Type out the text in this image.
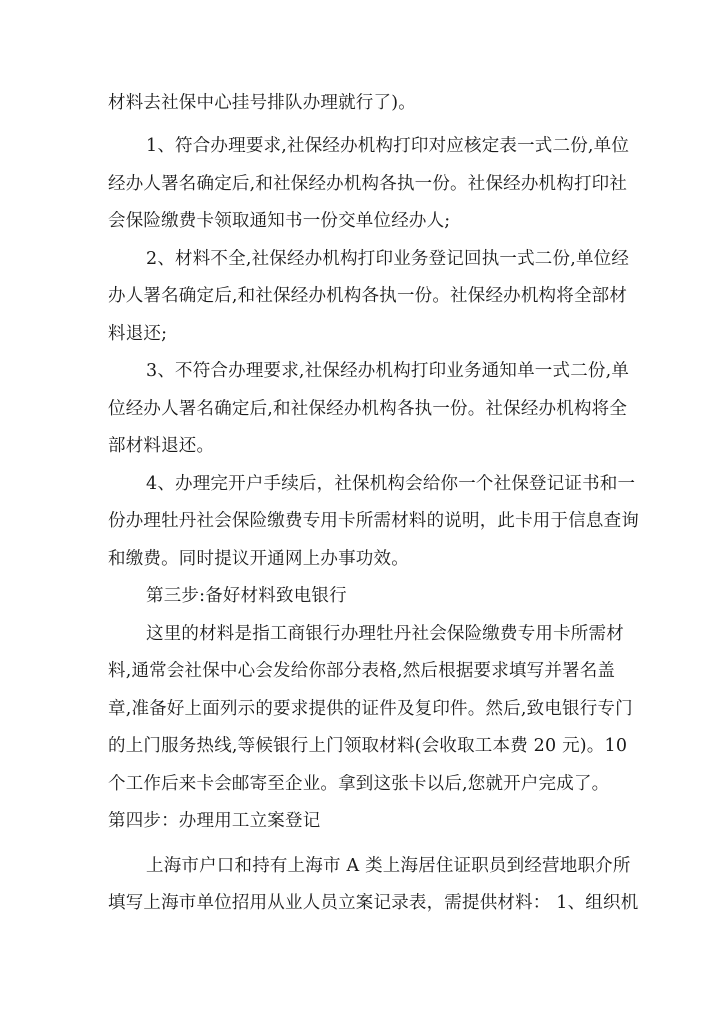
材料去社保中心挂号排队办理就行了)。
1、符合办理要求,社保经办机构打印对应核定表一式二份,单位
经办人署名确定后,和社保经办机构各执一份。社保经办机构打印社
会保险缴费卡领取通知书一份交单位经办人;
2、材料不全,社保经办机构打印业务登记回执一式二份,单位经
办人署名确定后,和社保经办机构各执一份。社保经办机构将全部材
料退还;
3、不符合办理要求,社保经办机构打印业务通知单一式二份,单
位经办人署名确定后,和社保经办机构各执一份。社保经办机构将全
部材料退还。
4、办理完开户手续后，社保机构会给你一个社保登记证书和一
份办理牡丹社会保险缴费专用卡所需材料的说明，此卡用于信息查询
和缴费。同时提议开通网上办事功效。
第三步:备好材料致电银行
这里的材料是指工商银行办理牡丹社会保险缴费专用卡所需材
料,通常会社保中心会发给你部分表格,然后根据要求填写并署名盖
章,准备好上面列示的要求提供的证件及复印件。然后,致电银行专门
的上门服务热线,等候银行上门领取材料(会收取工本费 20 元)。10
个工作后来卡会邮寄至企业。拿到这张卡以后,您就开户完成了。
第四步：办理用工立案登记
上海市户口和持有上海市 A 类上海居住证职员到经营地职介所
填写上海市单位招用从业人员立案记录表，需提供材料： 1、组织机
